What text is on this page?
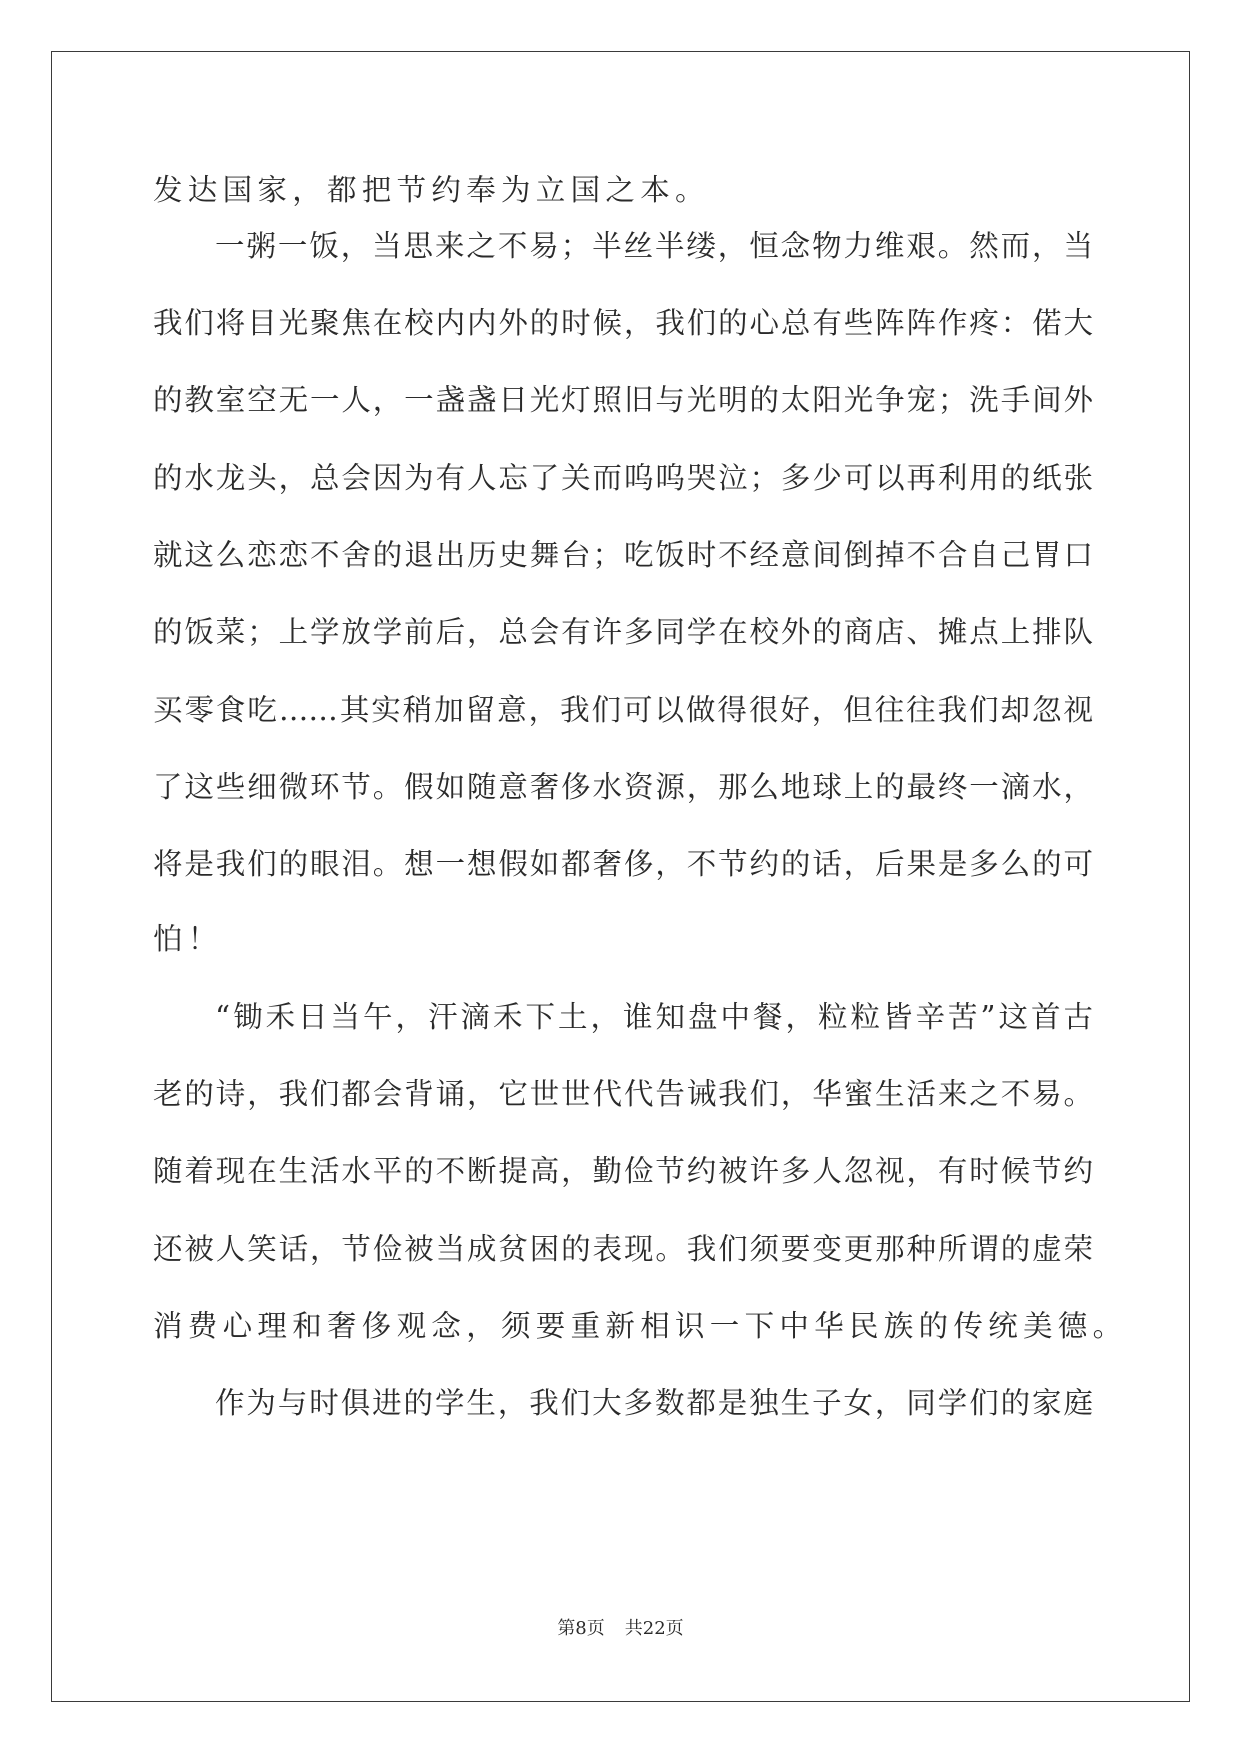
发达国家，都把节约奉为立国之本。
一粥一饭，当思来之不易；半丝半缕，恒念物力维艰。然而，当
我们将目光聚焦在校内内外的时候，我们的心总有些阵阵作疼：偌大
的教室空无一人，一盏盏日光灯照旧与光明的太阳光争宠；洗手间外
的水龙头，总会因为有人忘了关而呜呜哭泣；多少可以再利用的纸张
就这么恋恋不舍的退出历史舞台；吃饭时不经意间倒掉不合自己胃口
的饭菜；上学放学前后，总会有许多同学在校外的商店、摊点上排队
买零食吃……其实稍加留意，我们可以做得很好，但往往我们却忽视
了这些细微环节。假如随意奢侈水资源，那么地球上的最终一滴水，
将是我们的眼泪。想一想假如都奢侈，不节约的话，后果是多么的可
怕！
“锄禾日当午，汗滴禾下土，谁知盘中餐，粒粒皆辛苦”这首古
老的诗，我们都会背诵，它世世代代告诫我们，华蜜生活来之不易。
随着现在生活水平的不断提高，勤俭节约被许多人忽视，有时候节约
还被人笑话，节俭被当成贫困的表现。我们须要变更那种所谓的虚荣
消费心理和奢侈观念，须要重新相识一下中华民族的传统美德。
作为与时俱进的学生，我们大多数都是独生子女，同学们的家庭
第8页 共22页
